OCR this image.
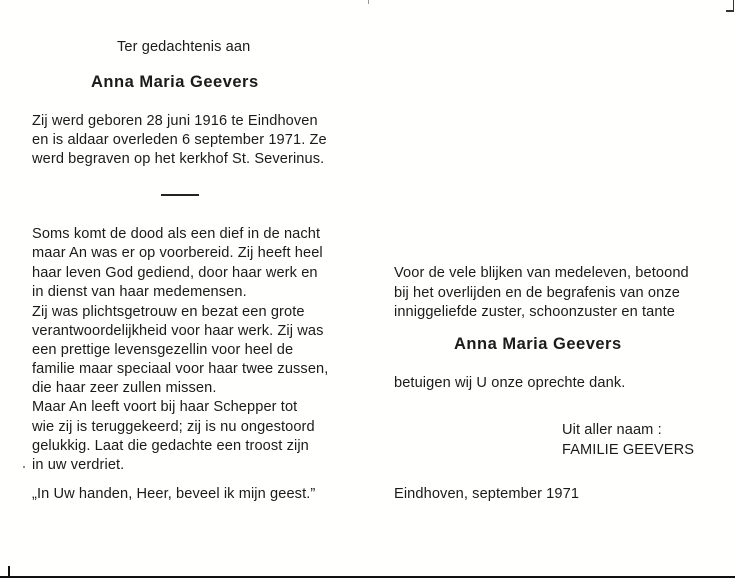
Ter gedachtenis aan
Anna Maria Geevers
Zij werd geboren 28 juni 1916 te Eindhoven
en is aldaar overleden 6 september 1971. Ze
werd begraven op het kerkhof St. Severinus.
Soms komt de dood als een dief in de nacht
maar An was er op voorbereid. Zij heeft heel
haar leven God gediend, door haar werk en
in dienst van haar medemensen.
Zij was plichtsgetrouw en bezat een grote
verantwoordelijkheid voor haar werk. Zij was
een prettige levensgezellin voor heel de
familie maar speciaal voor haar twee zussen,
die haar zeer zullen missen.
Maar An leeft voort bij haar Schepper tot
wie zij is teruggekeerd; zij is nu ongestoord
gelukkig. Laat die gedachte een troost zijn
in uw verdriet.
„In Uw handen, Heer, beveel ik mijn geest.”
Voor de vele blijken van medeleven, betoond
bij het overlijden en de begrafenis van onze
inniggeliefde zuster, schoonzuster en tante
Anna Maria Geevers
betuigen wij U onze oprechte dank.
Uit aller naam :
FAMILIE GEEVERS
Eindhoven, september 1971
